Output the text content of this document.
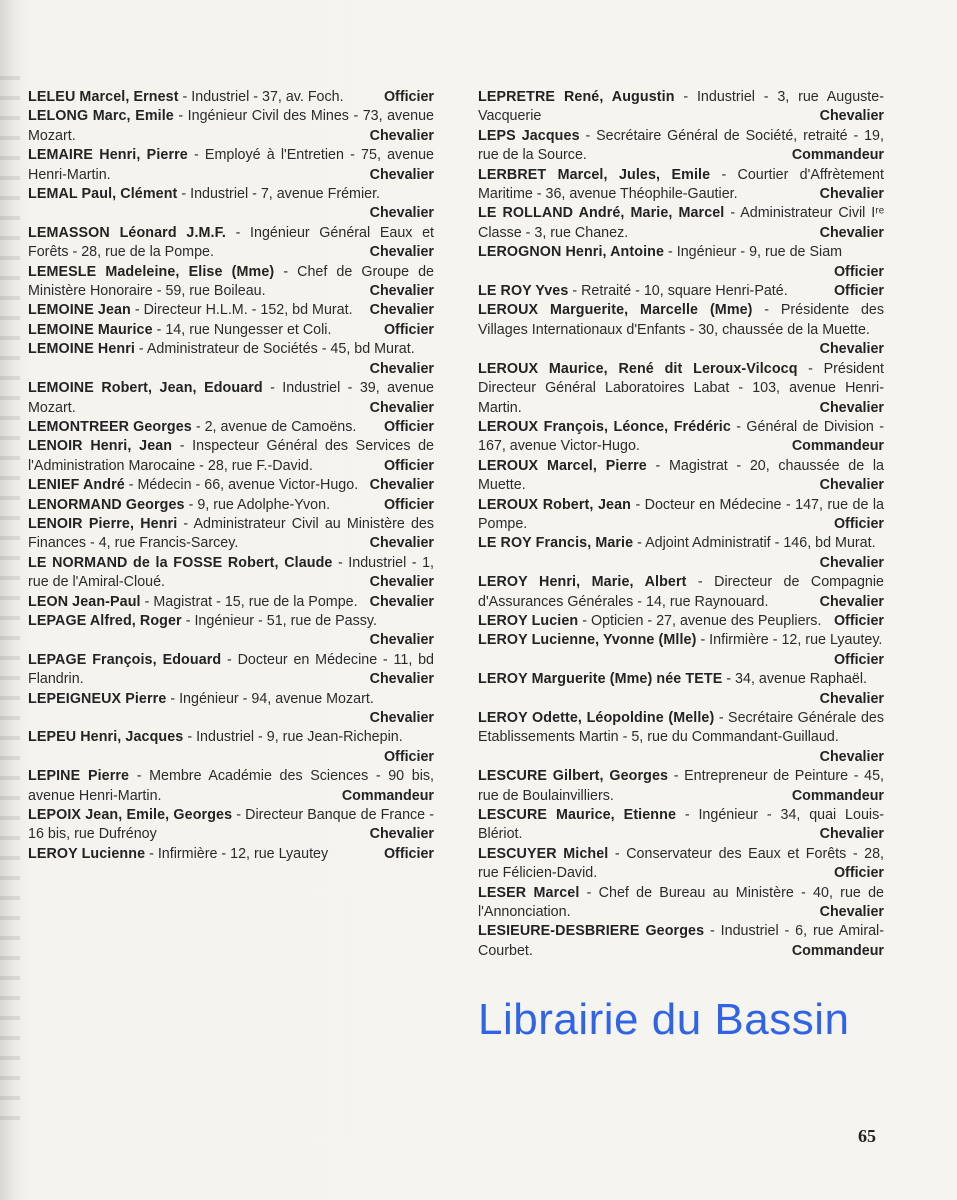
LELEU Marcel, Ernest - Industriel - 37, av. Foch.	Officier
LELONG Marc, Emile - Ingénieur Civil des Mines - 73, avenue Mozart.	Chevalier
LEMAIRE Henri, Pierre - Employé à l'Entretien - 75, avenue Henri-Martin.	Chevalier
LEMAL Paul, Clément - Industriel - 7, avenue Frémier.
Chevalier
LEMASSON Léonard J.M.F. - Ingénieur Général Eaux et Forêts - 28, rue de la Pompe.	Chevalier
LEMESLE Madeleine, Elise (Mme) - Chef de Groupe de Ministère Honoraire - 59, rue Boileau.	Chevalier
LEMOINE Jean - Directeur H.L.M. - 152, bd Murat. Chevalier
LEMOINE Maurice - 14, rue Nungesser et Coli.	Officier
LEMOINE Henri - Administrateur de Sociétés - 45, bd Murat.
Chevalier
LEMOINE Robert, Jean, Edouard - Industriel - 39, avenue Mozart.	Chevalier
LEMONTREER Georges - 2, avenue de Camoëns. Officier
LENOIR Henri, Jean - Inspecteur Général des Services de l'Administration Marocaine - 28, rue F.-David.	Officier
LENIEF André - Médecin - 66, avenue Victor-Hugo. Chevalier
LENORMAND Georges - 9, rue Adolphe-Yvon.	Officier
LENOIR Pierre, Henri - Administrateur Civil au Ministère des Finances - 4, rue Francis-Sarcey.	Chevalier
LE NORMAND de la FOSSE Robert, Claude - Industriel - 1, rue de l'Amiral-Cloué.	Chevalier
LEON Jean-Paul - Magistrat - 15, rue de la Pompe. Chevalier
LEPAGE Alfred, Roger - Ingénieur - 51, rue de Passy.
Chevalier
LEPAGE François, Edouard - Docteur en Médecine - 11, bd Flandrin.	Chevalier
LEPEIGNEUX Pierre - Ingénieur - 94, avenue Mozart.
Chevalier
LEPEU Henri, Jacques - Industriel - 9, rue Jean-Richepin.
Officier
LEPINE Pierre - Membre Académie des Sciences - 90 bis, avenue Henri-Martin.	Commandeur
LEPOIX Jean, Emile, Georges - Directeur Banque de France - 16 bis, rue Dufrénoy	Chevalier
LEROY Lucienne - Infirmière - 12, rue Lyautey	Officier
LEPRETRE René, Augustin - Industriel - 3, rue Auguste-Vacquerie	Chevalier
LEPS Jacques - Secrétaire Général de Société, retraité - 19, rue de la Source.	Commandeur
LERBRET Marcel, Jules, Emile - Courtier d'Affrètement Maritime - 36, avenue Théophile-Gautier.	Chevalier
LE ROLLAND André, Marie, Marcel - Administrateur Civil Iʳᵉ Classe - 3, rue Chanez.	Chevalier
LEROGNON Henri, Antoine - Ingénieur - 9, rue de Siam
Officier
LE ROY Yves - Retraité - 10, square Henri-Paté.	Officier
LEROUX Marguerite, Marcelle (Mme) - Présidente des Villages Internationaux d'Enfants - 30, chaussée de la Muette.
Chevalier
LEROUX Maurice, René dit Leroux-Vilcocq - Président Directeur Général Laboratoires Labat - 103, avenue Henri-Martin.	Chevalier
LEROUX François, Léonce, Frédéric - Général de Division - 167, avenue Victor-Hugo.	Commandeur
LEROUX Marcel, Pierre - Magistrat - 20, chaussée de la Muette.	Chevalier
LEROUX Robert, Jean - Docteur en Médecine - 147, rue de la Pompe.	Officier
LE ROY Francis, Marie - Adjoint Administratif - 146, bd Murat.
Chevalier
LEROY Henri, Marie, Albert - Directeur de Compagnie d'Assurances Générales - 14, rue Raynouard.	Chevalier
LEROY Lucien - Opticien - 27, avenue des Peupliers. Officier
LEROY Lucienne, Yvonne (Mlle) - Infirmière - 12, rue Lyautey.
Officier
LEROY Marguerite (Mme) née TETE - 34, avenue Raphaël.
Chevalier
LEROY Odette, Léopoldine (Melle) - Secrétaire Générale des Etablissements Martin - 5, rue du Commandant-Guillaud.
Chevalier
LESCURE Gilbert, Georges - Entrepreneur de Peinture - 45, rue de Boulainvilliers.	Commandeur
LESCURE Maurice, Etienne - Ingénieur - 34, quai Louis-Blériot.	Chevalier
LESCUYER Michel - Conservateur des Eaux et Forêts - 28, rue Félicien-David.	Officier
LESER Marcel - Chef de Bureau au Ministère - 40, rue de l'Annonciation.	Chevalier
LESIEURE-DESBRIERE Georges - Industriel - 6, rue Amiral-Courbet.	Commandeur
Librairie du Bassin
65
